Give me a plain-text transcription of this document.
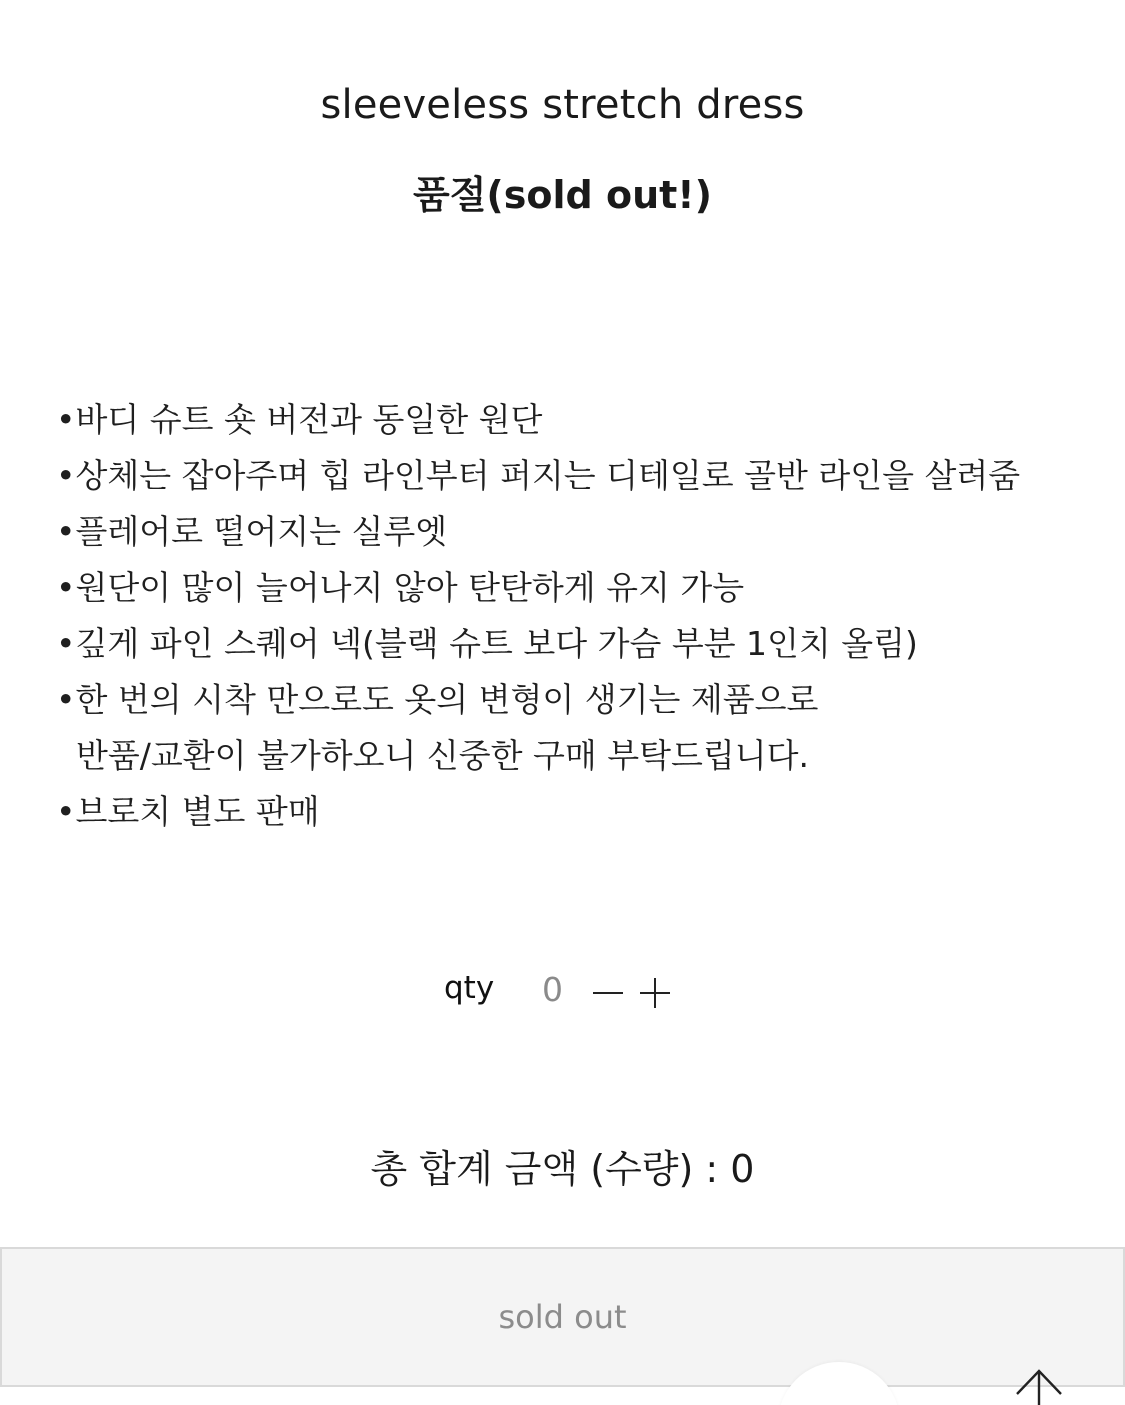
sleeveless stretch dress
품절(sold out!)
•바디 슈트 숏 버전과 동일한 원단
•상체는 잡아주며 힙 라인부터 퍼지는 디테일로 골반 라인을 살려줌
•플레어로 떨어지는 실루엣
•원단이 많이 늘어나지 않아 탄탄하게 유지 가능
•깊게 파인 스퀘어 넥(블랙 슈트 보다 가슴 부분 1인치 올림)
•한 번의 시착 만으로도 옷의 변형이 생기는 제품으로
반품/교환이 불가하오니 신중한 구매 부탁드립니다.
•브로치 별도 판매
qty 0
총 합계 금액 (수량) : 0
sold out
